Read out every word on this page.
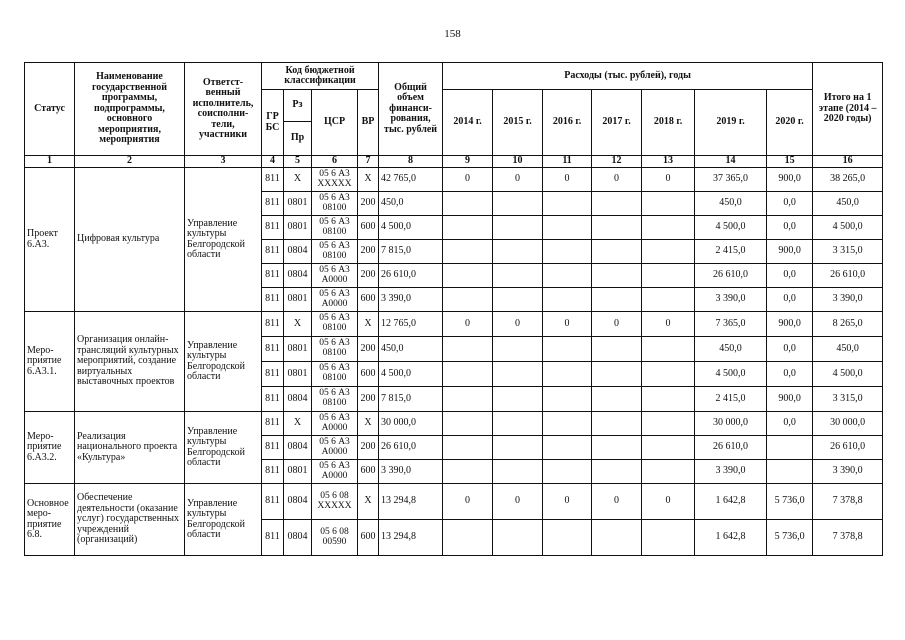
158
Статус	Наименование государственной программы, подпрограммы, основного мероприятия, мероприятия	Ответст- венный исполнитель, соисполни- тели, участники	Код бюджетной классификации				Общий объем финанси- рования, тыс. рублей	Расходы (тыс. рублей), годы							Итого на 1 этапе (2014 – 2020 годы)
			ГР БС	Рз	ЦСР	ВР		2014 г.	2015 г.	2016 г.	2017 г.	2018 г.	2019 г.	2020 г.	
				Пр											
1	2	3	4	5	6	7	8	9	10	11	12	13	14	15	16
Проект 6.А3.	Цифровая культура	Управление культуры Белгородской области	811	X	05 6 А3 XXXXX	X	42 765,0	0	0	0	0	0	37 365,0	900,0	38 265,0
			811	0801	05 6 А3 08100	200	450,0						450,0	0,0	450,0
			811	0801	05 6 А3 08100	600	4 500,0						4 500,0	0,0	4 500,0
			811	0804	05 6 А3 08100	200	7 815,0						2 415,0	900,0	3 315,0
			811	0804	05 6 А3 А0000	200	26 610,0						26 610,0	0,0	26 610,0
			811	0801	05 6 А3 А0000	600	3 390,0						3 390,0	0,0	3 390,0
Меро- приятие 6.А3.1.	Организация онлайн- трансляций культурных мероприятий, создание виртуальных выставочных проектов	Управление культуры Белгородской области	811	X	05 6 А3 08100	X	12 765,0	0	0	0	0	0	7 365,0	900,0	8 265,0
			811	0801	05 6 А3 08100	200	450,0						450,0	0,0	450,0
			811	0801	05 6 А3 08100	600	4 500,0						4 500,0	0,0	4 500,0
			811	0804	05 6 А3 08100	200	7 815,0						2 415,0	900,0	3 315,0
Меро- приятие 6.А3.2.	Реализация национального проекта «Культура»	Управление культуры Белгородской области	811	X	05 6 А3 А0000	X	30 000,0						30 000,0	0,0	30 000,0
			811	0804	05 6 А3 А0000	200	26 610,0						26 610,0		26 610,0
			811	0801	05 6 А3 А0000	600	3 390,0						3 390,0		3 390,0
Основное меро- приятие 6.8.	Обеспечение деятельности (оказание услуг) государственных учреждений (организаций)	Управление культуры Белгородской области	811	0804	05 6 08 XXXXX	X	13 294,8	0	0	0	0	0	1 642,8	5 736,0	7 378,8
			811	0804	05 6 08 00590	600	13 294,8						1 642,8	5 736,0	7 378,8
